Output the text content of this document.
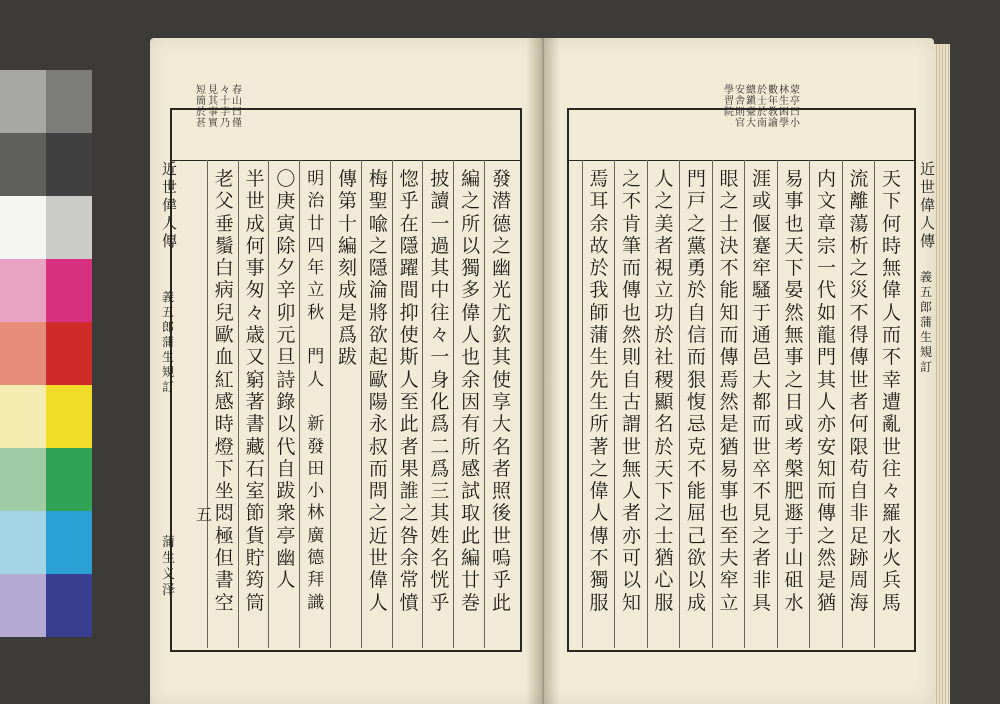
春
山
曰
僅
々
十
字
乃
見
其
事
實
短
簡
於
甚
蒙
亭
曰
小
林
生
困
學
數
年
教
諭
於
士
於
南
總
鎭
臺
大
安
舎
則
官
學
習
院
發
潜
德
之
幽
光
尤
欽
其
使
享
大
名
者
照
後
世
嗚
乎
此
編
之
所
以
獨
多
偉
人
也
余
因
有
所
感
試
取
此
編
廿
巻
披
讀
一
過
其
中
往
々
一
身
化
爲
二
爲
三
其
姓
名
恍
乎
惚
乎
在
隱
躍
間
抑
使
斯
人
至
此
者
果
誰
之
咎
余
常
憤
梅
聖
喩
之
隱
淪
將
欲
起
歐
陽
永
叔
而
問
之
近
世
偉
人
傳
第
十
編
刻
成
是
爲
跋
明
治
廿
四
年
立
秋

門
人

新
發
田
小
林
廣
德
拜
識
〇
庚
寅
除
夕
辛
卯
元
旦
詩
錄
以
代
自
跋
衆
亭
幽
人
半
世
成
何
事
匆
々
歳
又
窮
著
書
藏
石
室
節
貨
貯
筠
筒
老
父
垂
鬚
白
病
兒
歐
血
紅
感
時
燈
下
坐
悶
極
但
書
空
天
下
何
時
無
偉
人
而
不
幸
遭
亂
世
往
々
羅
水
火
兵
馬
流
離
蕩
析
之
災
不
得
傳
世
者
何
限
苟
自
非
足
跡
周
海
内
文
章
宗
一
代
如
龍
門
其
人
亦
安
知
而
傳
之
然
是
猶
易
事
也
天
下
晏
然
無
事
之
日
或
考
槃
肥
遯
于
山
砠
水
涯
或
偃
蹇
窂
騷
于
通
邑
大
都
而
世
卒
不
見
之
者
非
具
眼
之
士
決
不
能
知
而
傳
焉
然
是
猶
易
事
也
至
夫
窂
立
門
戸
之
黨
勇
於
自
信
而
狠
愎
忌
克
不
能
屈
己
欲
以
成
人
之
美
者
視
立
功
於
社
稷
顯
名
於
天
下
之
士
猶
心
服
之
不
肯
筆
而
傳
也
然
則
自
古
謂
世
無
人
者
亦
可
以
知
焉
耳
余
故
於
我
師
蒲
生
先
生
所
著
之
偉
人
傳
不
獨
服
近
世
偉
人
傳
義
五
郎
蒲
生
䂓
訂
蒲
生
义
泽
近
世
偉
人
傳
義
五
郎
蒲
生
䂓
訂
五
